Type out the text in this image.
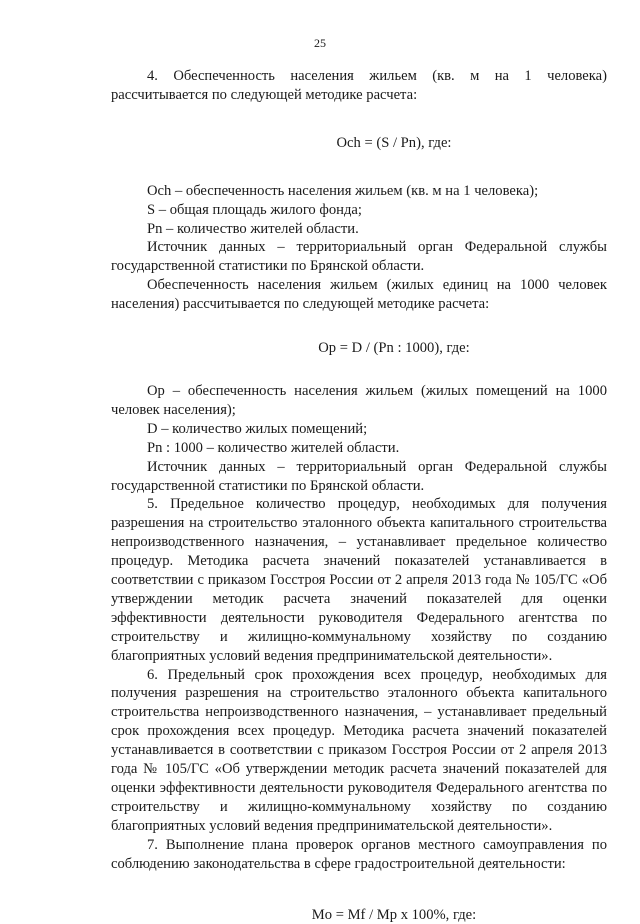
25

4. Обеспеченность населения жильем (кв. м на 1 человека) рассчитывается по следующей методике расчета:

Och = (S / Pn), где:

Och – обеспеченность населения жильем (кв. м на 1 человека);

S – общая площадь жилого фонда;

Pn – количество жителей области.

Источник данных – территориальный орган Федеральной службы государственной статистики по Брянской области.

Обеспеченность населения жильем (жилых единиц на 1000 человек населения) рассчитывается по следующей методике расчета:

Op = D / (Pn : 1000), где:

Op – обеспеченность населения жильем (жилых помещений на 1000 человек населения);

D – количество жилых помещений;

Pn : 1000 – количество жителей области.

Источник данных – территориальный орган Федеральной службы государственной статистики по Брянской области.

5. Предельное количество процедур, необходимых для получения разрешения на строительство эталонного объекта капитального строительства непроизводственного назначения, – устанавливает предельное количество процедур. Методика расчета значений показателей устанавливается в соответствии с приказом Госстроя России от 2 апреля 2013 года № 105/ГС «Об утверждении методик расчета значений показателей для оценки эффективности деятельности руководителя Федерального агентства по строительству и жилищно-коммунальному хозяйству по созданию благоприятных условий ведения предпринимательской деятельности».

6. Предельный срок прохождения всех процедур, необходимых для получения разрешения на строительство эталонного объекта капитального строительства непроизводственного назначения, – устанавливает предельный срок прохождения всех процедур. Методика расчета значений показателей устанавливается в соответствии с приказом Госстроя России от 2 апреля 2013 года № 105/ГС «Об утверждении методик расчета значений показателей для оценки эффективности деятельности руководителя Федерального агентства по строительству и жилищно-коммунальному хозяйству по созданию благоприятных условий ведения предпринимательской деятельности».

7. Выполнение плана проверок органов местного самоуправления по соблюдению законодательства в сфере градостроительной деятельности:

Mo = Mf / Mp x 100%, где:
